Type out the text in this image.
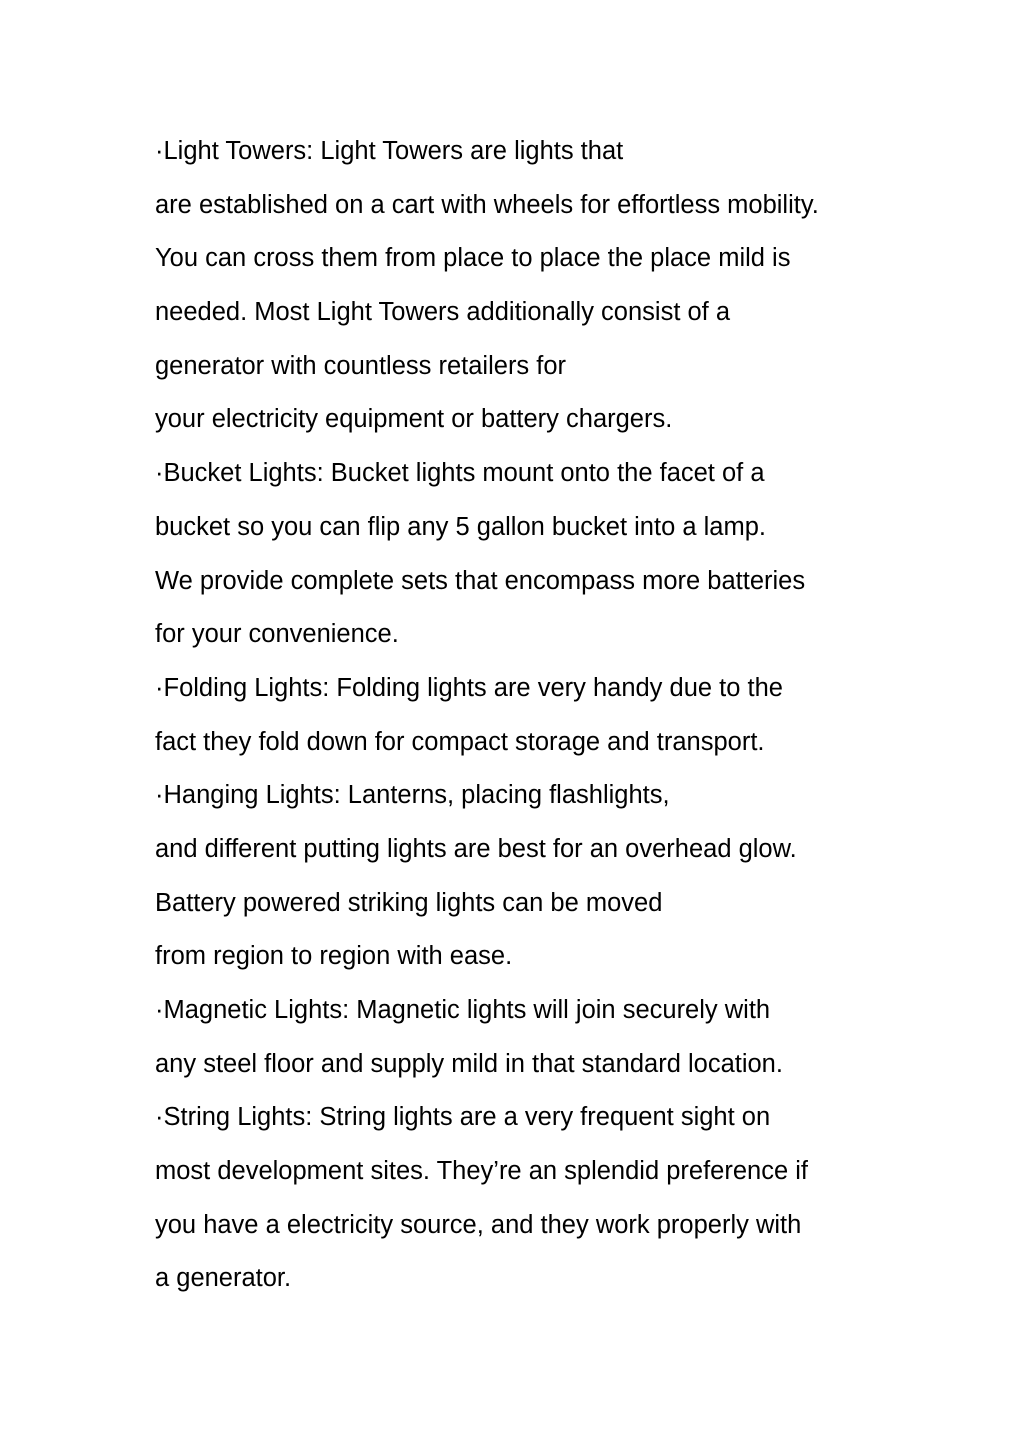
·Light Towers: Light Towers are lights that
are established on a cart with wheels for effortless mobility.
You can cross them from place to place the place mild is
needed. Most Light Towers additionally consist of a
generator with countless retailers for
your electricity equipment or battery chargers.
·Bucket Lights: Bucket lights mount onto the facet of a
bucket so you can flip any 5 gallon bucket into a lamp.
We provide complete sets that encompass more batteries
for your convenience.
·Folding Lights: Folding lights are very handy due to the
fact they fold down for compact storage and transport.
·Hanging Lights: Lanterns, placing flashlights,
and different putting lights are best for an overhead glow.
Battery powered striking lights can be moved
from region to region with ease.
·Magnetic Lights: Magnetic lights will join securely with
any steel floor and supply mild in that standard location.
·String Lights: String lights are a very frequent sight on
most development sites. They’re an splendid preference if
you have a electricity source, and they work properly with
a generator.
